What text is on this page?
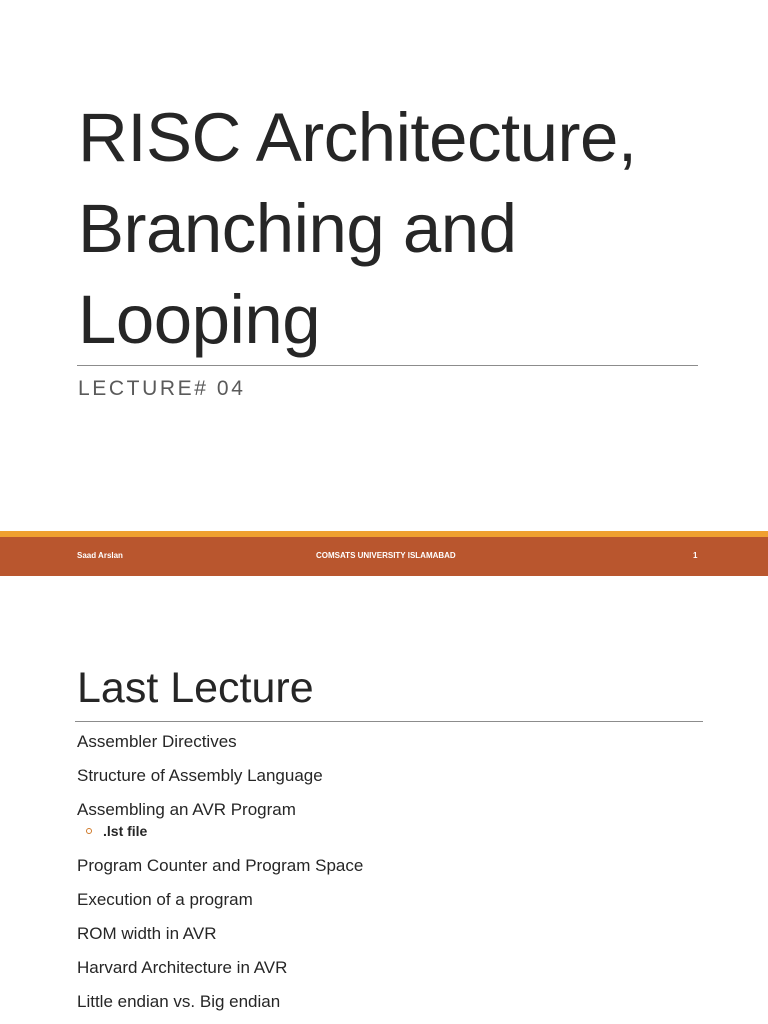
RISC Architecture,
Branching and
Looping
LECTURE# 04
Saad Arslan	COMSATS UNIVERSITY ISLAMABAD	1
Last Lecture
Assembler Directives
Structure of Assembly Language
Assembling an AVR Program
.lst file
Program Counter and Program Space
Execution of a program
ROM width in AVR
Harvard Architecture in AVR
Little endian vs. Big endian
